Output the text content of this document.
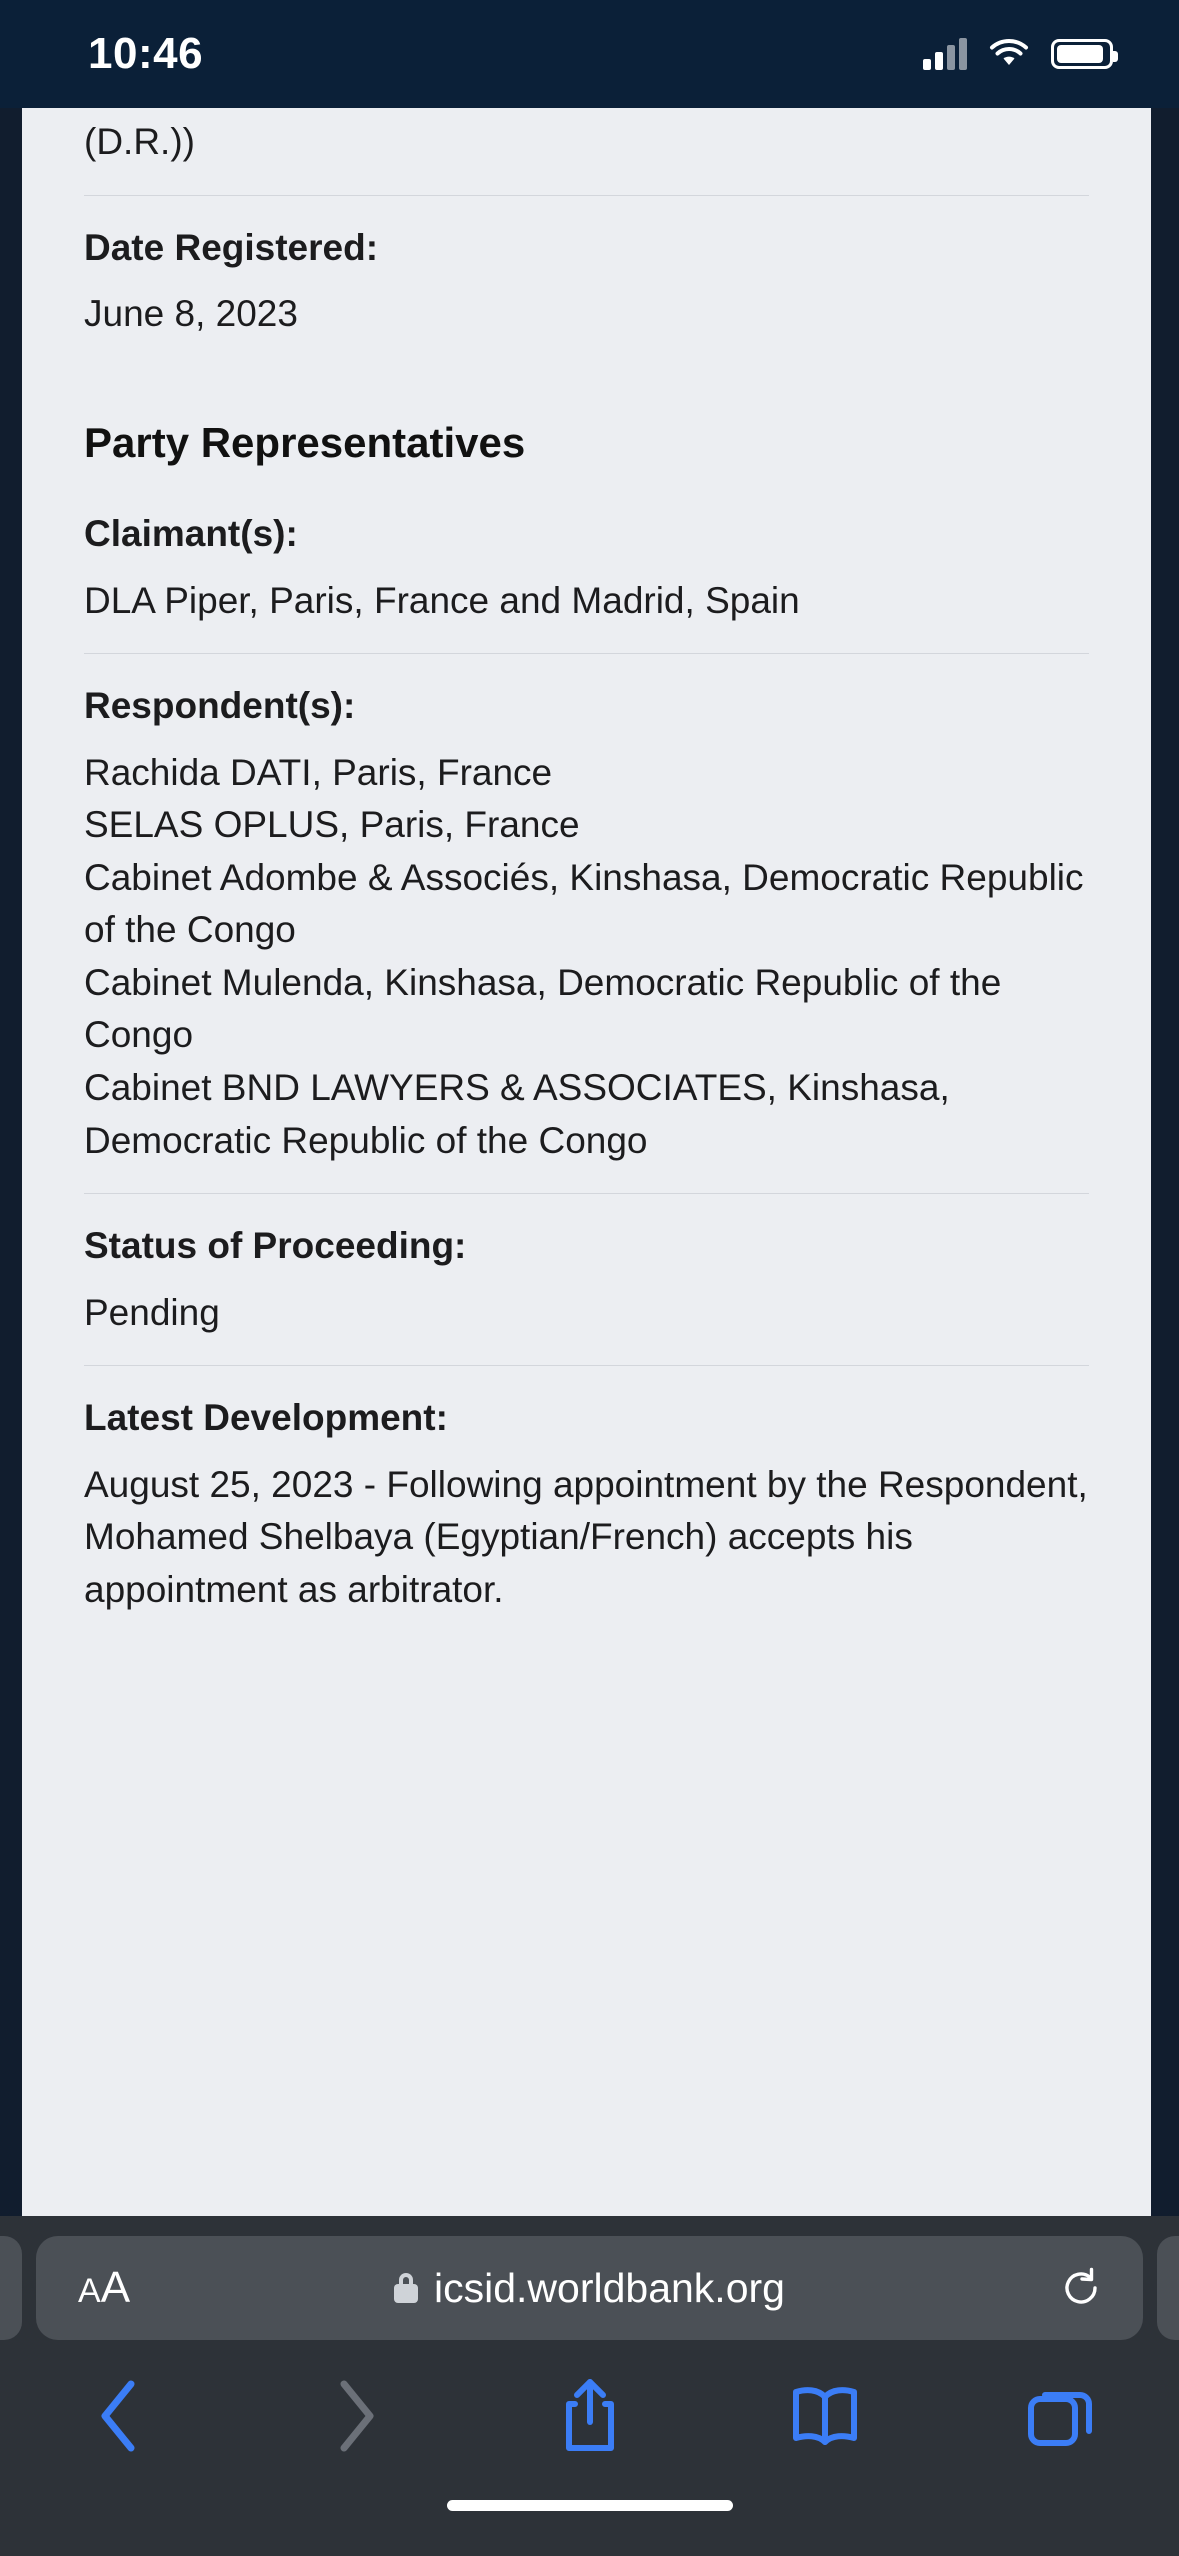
10:46
(D.R.))
Date Registered:
June 8, 2023
Party Representatives
Claimant(s):
DLA Piper, Paris, France and Madrid, Spain
Respondent(s):
Rachida DATI, Paris, France
SELAS OPLUS, Paris, France
Cabinet Adombe & Associés, Kinshasa, Democratic Republic of the Congo
Cabinet Mulenda, Kinshasa, Democratic Republic of the Congo
Cabinet BND LAWYERS & ASSOCIATES, Kinshasa, Democratic Republic of the Congo
Status of Proceeding:
Pending
Latest Development:
August 25, 2023 - Following appointment by the Respondent, Mohamed Shelbaya (Egyptian/French) accepts his appointment as arbitrator.
A A	icsid.worldbank.org
